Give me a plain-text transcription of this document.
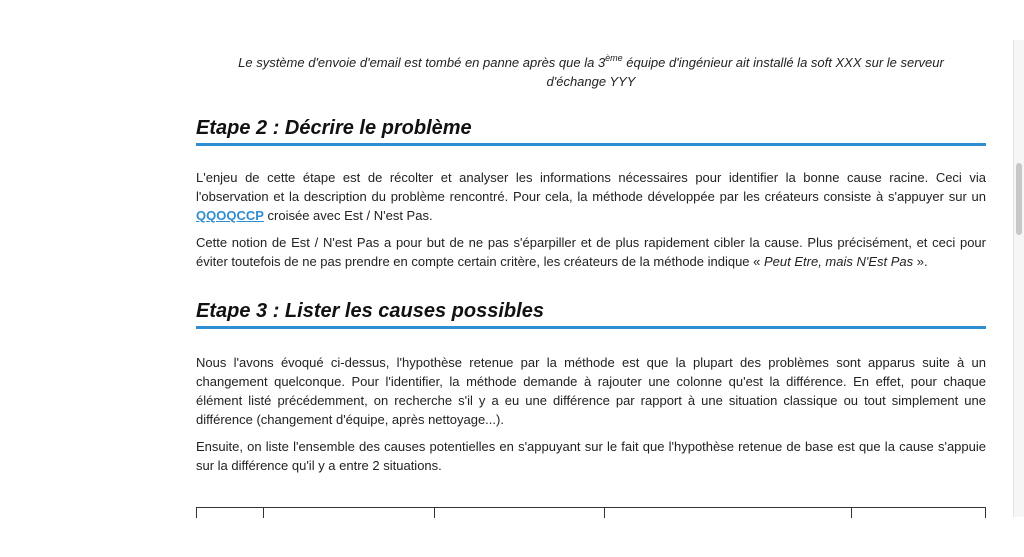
Le système d'envoie d'email est tombé en panne après que la 3ème équipe d'ingénieur ait installé la soft XXX sur le serveur d'échange YYY

Etape 2 : Décrire le problème

L'enjeu de cette étape est de récolter et analyser les informations nécessaires pour identifier la bonne cause racine. Ceci via l'observation et la description du problème rencontré. Pour cela, la méthode développée par les créateurs consiste à s'appuyer sur un QQOQCCP croisée avec Est / N'est Pas.

Cette notion de Est / N'est Pas a pour but de ne pas s'éparpiller et de plus rapidement cibler la cause. Plus précisément, et ceci pour éviter toutefois de ne pas prendre en compte certain critère, les créateurs de la méthode indique « Peut Etre, mais N'Est Pas ».

Etape 3 : Lister les causes possibles

Nous l'avons évoqué ci-dessus, l'hypothèse retenue par la méthode est que la plupart des problèmes sont apparus suite à un changement quelconque. Pour l'identifier, la méthode demande à rajouter une colonne qu'est la différence. En effet, pour chaque élément listé précédemment, on recherche s'il y a eu une différence par rapport à une situation classique ou tout simplement une différence (changement d'équipe, après nettoyage...).

Ensuite, on liste l'ensemble des causes potentielles en s'appuyant sur le fait que l'hypothèse retenue de base est que la cause s'appuie sur la différence qu'il y a entre 2 situations.
